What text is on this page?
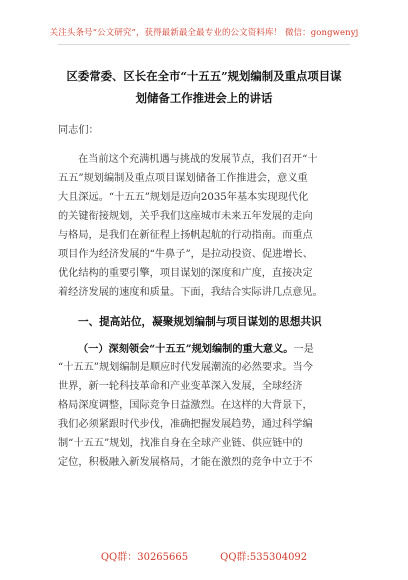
关注头条号“公文研究”，获得最新最全最专业的公文资料库！ 微信：gongwenyj
区委常委、区长在全市“十五五”规划编制及重点项目谋
划储备工作推进会上的讲话
同志们：
在当前这个充满机遇与挑战的发展节点，我们召开“十
五五”规划编制及重点项目谋划储备工作推进会，意义重
大且深远。“十五五”规划是迈向2035年基本实现现代化
的关键衔接规划，关乎我们这座城市未来五年发展的走向
与格局，是我们在新征程上扬帆起航的行动指南。而重点
项目作为经济发展的“牛鼻子”，是拉动投资、促进增长、
优化结构的重要引擎，项目谋划的深度和广度，直接决定
着经济发展的速度和质量。下面，我结合实际讲几点意见。
一、提高站位，凝聚规划编制与项目谋划的思想共识
（一）深刻领会“十五五”规划编制的重大意义。一是
“十五五”规划编制是顺应时代发展潮流的必然要求。当今
世界，新一轮科技革命和产业变革深入发展，全球经济
格局深度调整，国际竞争日益激烈。在这样的大背景下，
我们必须紧跟时代步伐，准确把握发展趋势，通过科学编
制“十五五”规划，找准自身在全球产业链、供应链中的
定位，积极融入新发展格局，才能在激烈的竞争中立于不
QQ群：30265665	QQ群:535304092
